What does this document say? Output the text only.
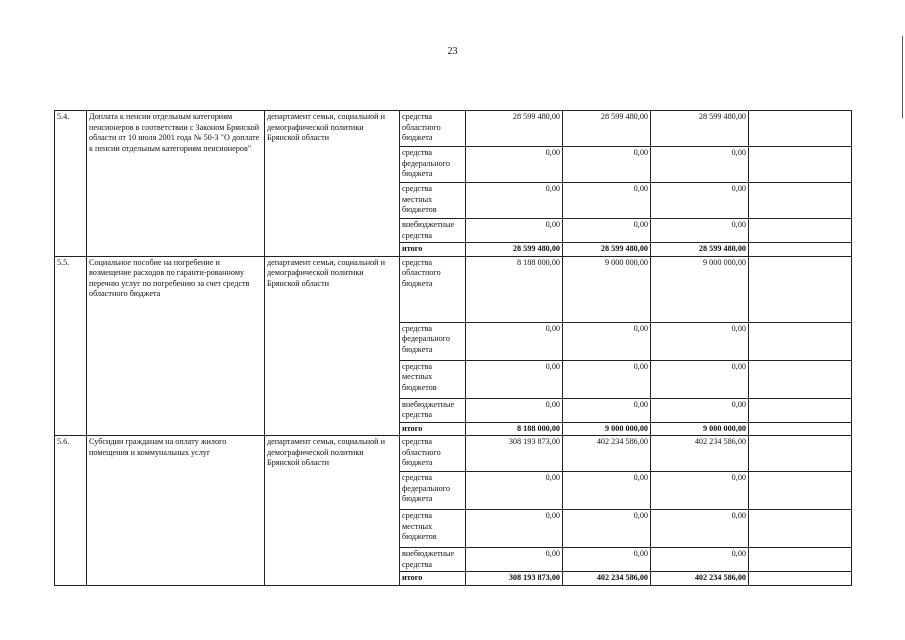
23
5.4.	Доплата к пенсии отдельным категориям пенсионеров в соответствии с Законом Брянской области от 10 июля 2001 года № 50-З "О доплате к пенсии отдельным категориям пенсионеров"	департамент семьи, социальной и демографической политики Брянской области	средства областного бюджета	28 599 480,00	28 599 480,00	28 599 480,00	
			средства федерального бюджета	0,00	0,00	0,00	
			средства местных бюджетов	0,00	0,00	0,00	
			внебюджетные средства	0,00	0,00	0,00	
			итого	28 599 480,00	28 599 480,00	28 599 480,00	
5.5.	Социальное пособие на погребение и возмещение расходов по гаранти-рованному перечню услуг по погребению за счет средств областного бюджета	департамент семьи, социальной и демографической политики Брянской области	средства областного бюджета	8 188 000,00	9 000 000,00	9 000 000,00	
			средства федерального бюджета	0,00	0,00	0,00	
			средства местных бюджетов	0,00	0,00	0,00	
			внебюджетные средства	0,00	0,00	0,00	
			итого	8 188 000,00	9 000 000,00	9 000 000,00	
5.6.	Субсидии гражданам на оплату жилого помещения и коммунальных услуг	департамент семьи, социальной и демографической политики Брянской области	средства областного бюджета	308 193 873,00	402 234 586,00	402 234 586,00	
			средства федерального бюджета	0,00	0,00	0,00	
			средства местных бюджетов	0,00	0,00	0,00	
			внебюджетные средства	0,00	0,00	0,00	
			итого	308 193 873,00	402 234 586,00	402 234 586,00	
